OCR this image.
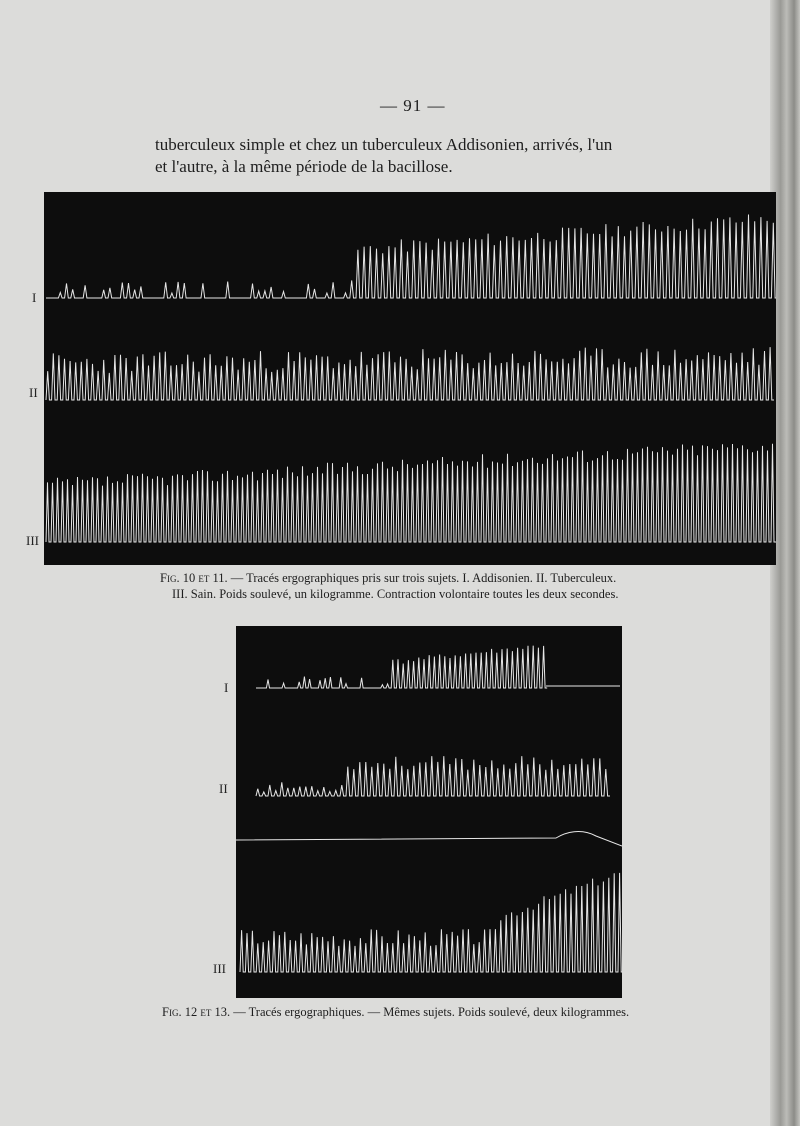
— 91 —

tuberculeux simple et chez un tuberculeux Addisonien, arrivés, l'un

et l'autre, à la même période de la bacillose.

I
II
III

Fig. 10 et 11. — Tracés ergographiques pris sur trois sujets. I. Addisonien. II. Tuberculeux.

III. Sain. Poids soulevé, un kilogramme. Contraction volontaire toutes les deux secondes.

I
II
III

Fig. 12 et 13. — Tracés ergographiques. — Mêmes sujets. Poids soulevé, deux kilogrammes.
